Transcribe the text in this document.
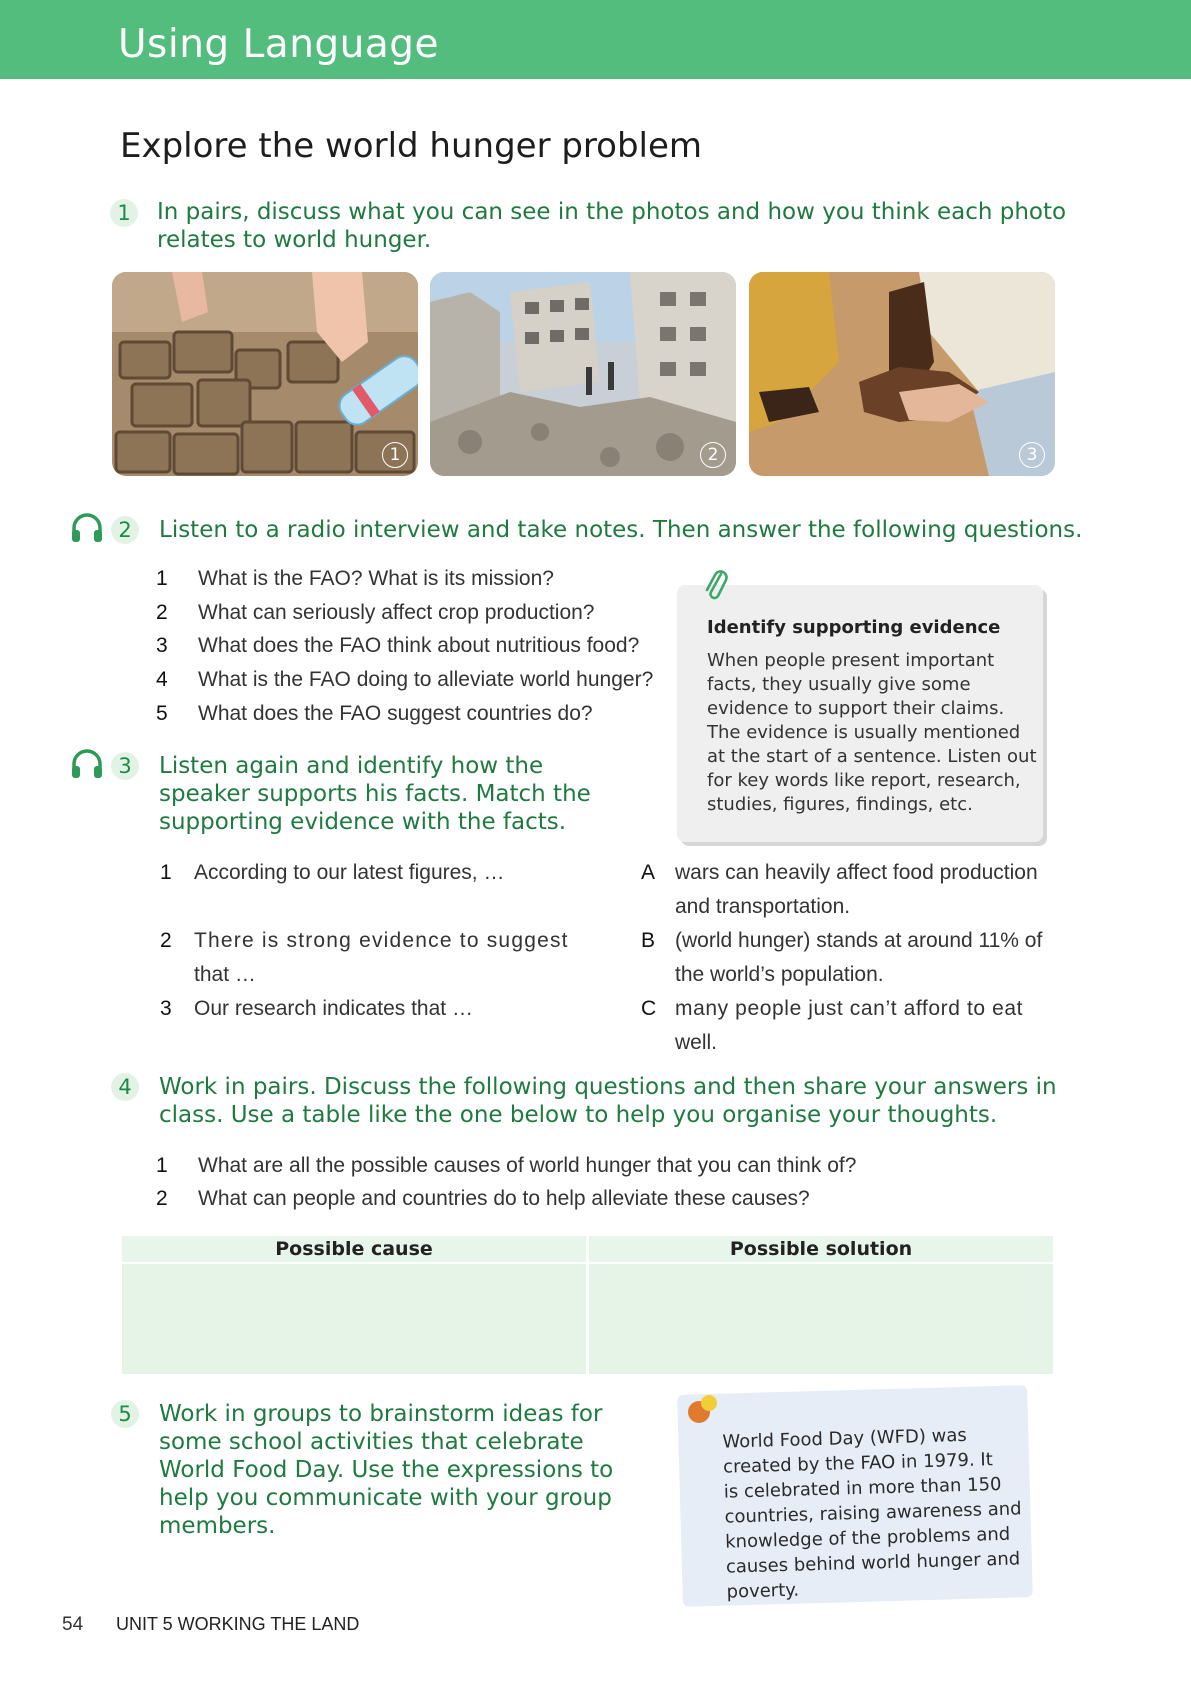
Using Language
Explore the world hunger problem
1	In pairs, discuss what you can see in the photos and how you think each photo
relates to world hunger.
1	2	3
2	Listen to a radio interview and take notes. Then answer the following questions.
1 What is the FAO? What is its mission?
2 What can seriously affect crop production?
3 What does the FAO think about nutritious food?
4 What is the FAO doing to alleviate world hunger?
5 What does the FAO suggest countries do?
Identify supporting evidence
When people present important
facts, they usually give some
evidence to support their claims.
The evidence is usually mentioned
at the start of a sentence. Listen out
for key words like report, research,
studies, figures, findings, etc.
3	Listen again and identify how the
speaker supports his facts. Match the
supporting evidence with the facts.
1 According to our latest figures, …
2 There is strong evidence to suggest
that …
3 Our research indicates that …
A wars can heavily affect food production
and transportation.
B (world hunger) stands at around 11% of
the world’s population.
C many people just can’t afford to eat
well.
4	Work in pairs. Discuss the following questions and then share your answers in
class. Use a table like the one below to help you organise your thoughts.
1 What are all the possible causes of world hunger that you can think of?
2 What can people and countries do to help alleviate these causes?
Possible cause	Possible solution
5	Work in groups to brainstorm ideas for
some school activities that celebrate
World Food Day. Use the expressions to
help you communicate with your group
members.
World Food Day (WFD) was
created by the FAO in 1979. It
is celebrated in more than 150
countries, raising awareness and
knowledge of the problems and
causes behind world hunger and
poverty.
54 UNIT 5 WORKING THE LAND
